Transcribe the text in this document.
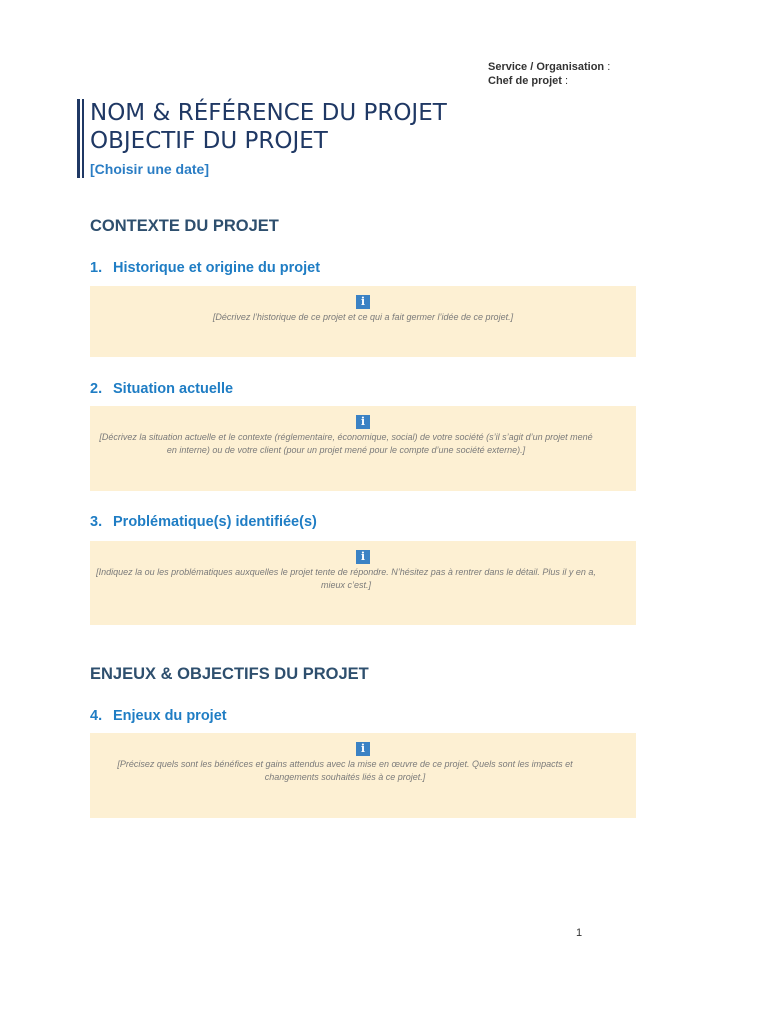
Service / Organisation :
Chef de projet :
NOM & RÉFÉRENCE DU PROJET
OBJECTIF DU PROJET
[Choisir une date]
CONTEXTE DU PROJET
1. Historique et origine du projet
i

[Décrivez l’historique de ce projet et ce qui a fait germer l’idée de ce projet.]

2. Situation actuelle
i

[Décrivez la situation actuelle et le contexte (réglementaire, économique, social) de votre société (s’il s’agit d’un projet mené en interne) ou de votre client (pour un projet mené pour le compte d’une société externe).]

3. Problématique(s) identifiée(s)
i

[Indiquez la ou les problématiques auxquelles le projet tente de répondre. N’hésitez pas à rentrer dans le détail. Plus il y en a, mieux c’est.]

ENJEUX & OBJECTIFS DU PROJET
4. Enjeux du projet
i

[Précisez quels sont les bénéfices et gains attendus avec la mise en œuvre de ce projet. Quels sont les impacts et changements souhaités liés à ce projet.]

1
